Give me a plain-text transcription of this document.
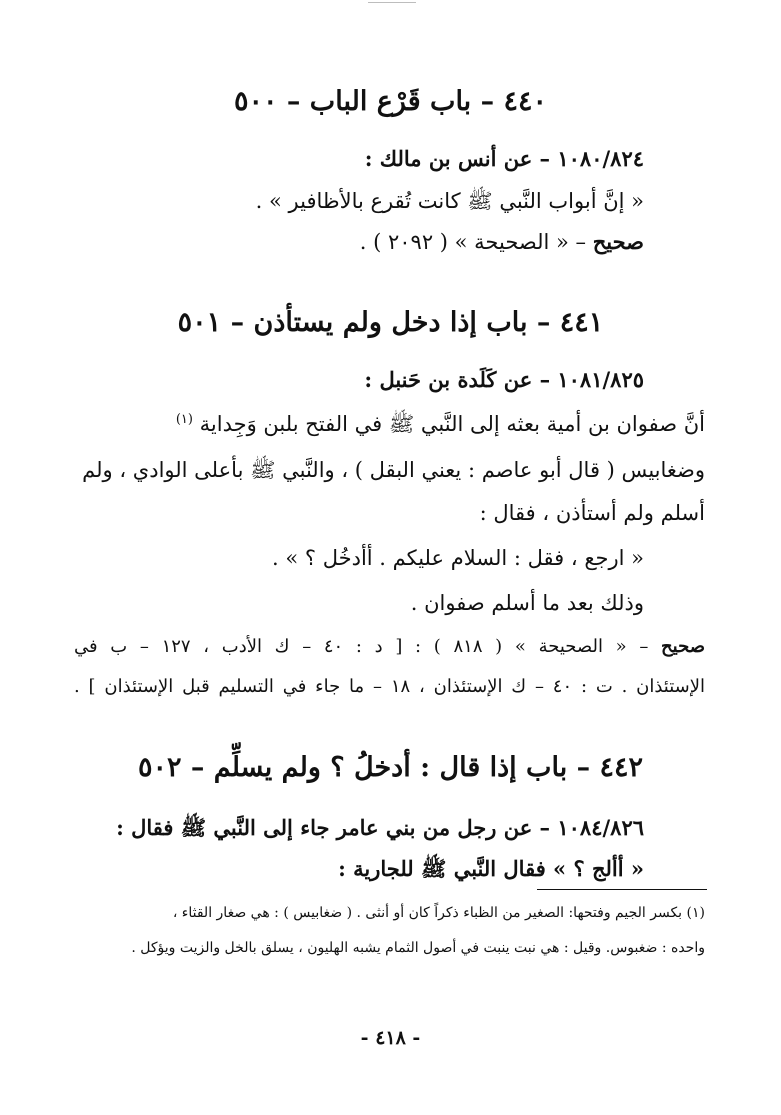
٤٤٠ – باب قَرْع الباب – ٥٠٠
١٠٨٠/٨٢٤ – عن أنس بن مالك :
« إنَّ أبواب النَّبي ﷺ كانت تُقرع بالأظافير » .
صحيح – « الصحيحة » ( ٢٠٩٢ ) .
٤٤١ – باب إذا دخل ولم يستأذن – ٥٠١
١٠٨١/٨٢٥ – عن كَلَدة بن حَنبل :
أنَّ صفوان بن أمية بعثه إلى النَّبي ﷺ في الفتح بلبن وَجِداية $^{(١)}$
وضغابيس ( قال أبو عاصم : يعني البقل ) ، والنَّبي ﷺ بأعلى الوادي ، ولم
أسلم ولم أستأذن ، فقال :
« ارجع ، فقل : السلام عليكم . أأدخُل ؟ » .
وذلك بعد ما أسلم صفوان .
صحيح – « الصحيحة » ( ٨١٨ ) : [ د : ٤٠ – ك الأدب ، ١٢٧ – ب في
الإستئذان . ت : ٤٠ – ك الإستئذان ، ١٨ – ما جاء في التسليم قبل الإستئذان ] .
٤٤٢ – باب إذا قال : أدخلُ ؟ ولم يسلِّم – ٥٠٢
١٠٨٤/٨٢٦ – عن رجل من بني عامر جاء إلى النَّبي ﷺ فقال :
« أألج ؟ » فقال النَّبي ﷺ للجارية :
(١) بكسر الجيم وفتحها: الصغير من الظباء ذكراً كان أو أنثى . ( ضغابيس ) : هي صغار القثاء ،
واحده : ضغبوس. وقيل : هي نبت ينبت في أصول الثمام يشبه الهليون ، يسلق بالخل والزيت ويؤكل .
- ٤١٨ -
